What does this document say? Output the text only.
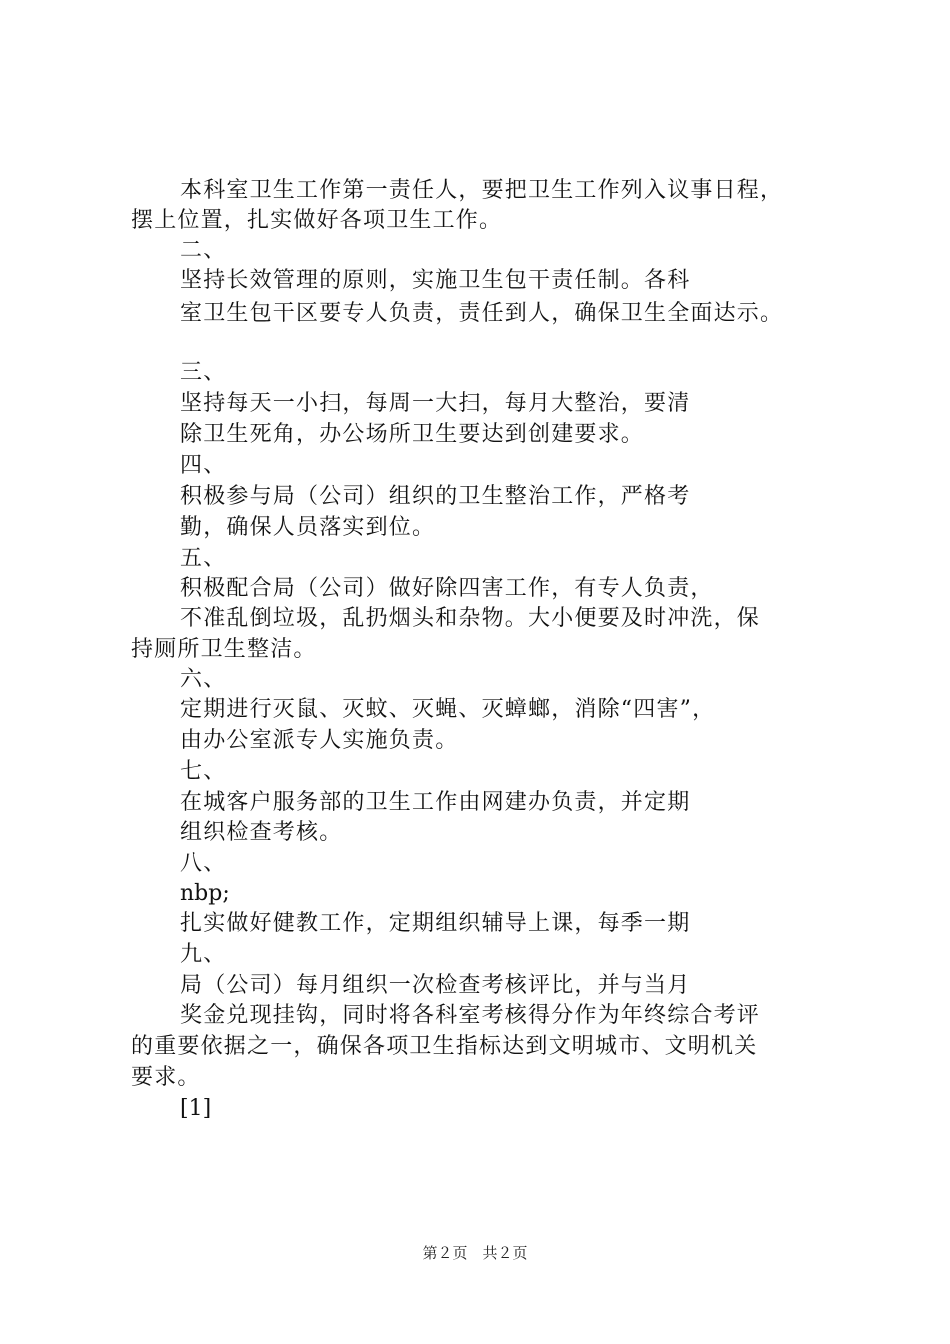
本科室卫生工作第一责任人，要把卫生工作列入议事日程，
摆上位置，扎实做好各项卫生工作。
二、
坚持长效管理的原则，实施卫生包干责任制。各科
室卫生包干区要专人负责，责任到人，确保卫生全面达示。
三、
坚持每天一小扫，每周一大扫，每月大整治，要清
除卫生死角，办公场所卫生要达到创建要求。
四、
积极参与局（公司）组织的卫生整治工作，严格考
勤，确保人员落实到位。
五、
积极配合局（公司）做好除四害工作，有专人负责，
不准乱倒垃圾，乱扔烟头和杂物。大小便要及时冲洗，保
持厕所卫生整洁。
六、
定期进行灭鼠、灭蚊、灭蝇、灭蟑螂，消除“四害”，
由办公室派专人实施负责。
七、
在城客户服务部的卫生工作由网建办负责，并定期
组织检查考核。
八、
nbp;
扎实做好健教工作，定期组织辅导上课，每季一期
九、
局（公司）每月组织一次检查考核评比，并与当月
奖金兑现挂钩，同时将各科室考核得分作为年终综合考评
的重要依据之一，确保各项卫生指标达到文明城市、文明机关
要求。
[1]
第２页　共２页
